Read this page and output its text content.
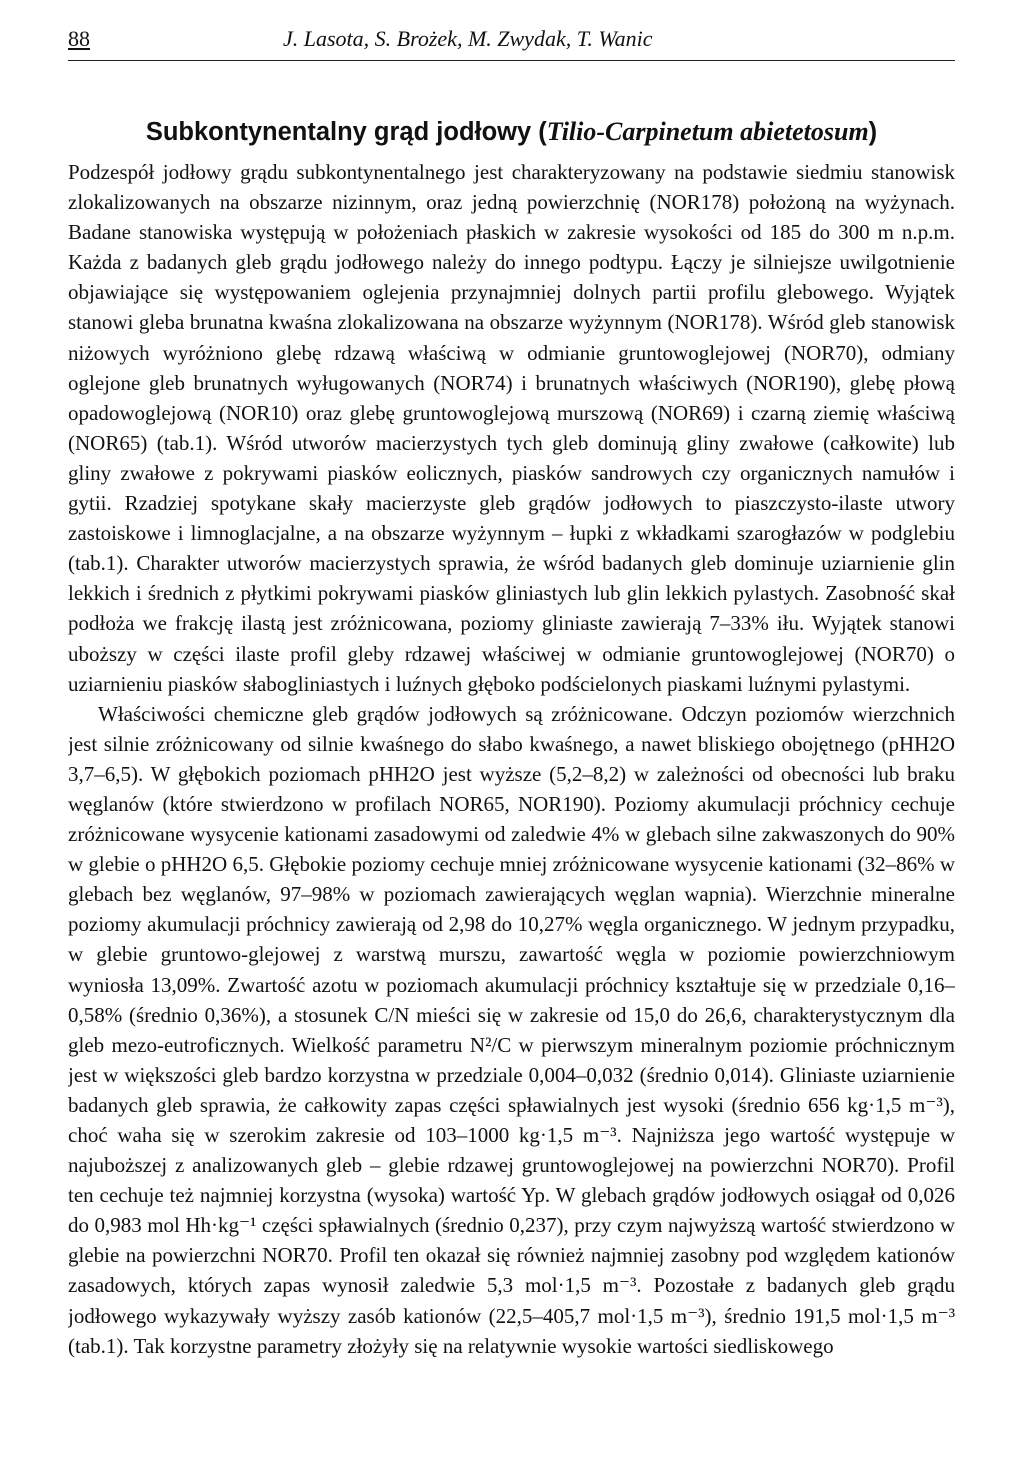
88	J. Lasota, S. Brożek, M. Zwydak, T. Wanic
Subkontynentalny grąd jodłowy (Tilio-Carpinetum abietetosum)

Podzespół jodłowy grądu subkontynentalnego jest charakteryzowany na podstawie siedmiu stanowisk zlokalizowanych na obszarze nizinnym, oraz jedną powierzchnię (NOR178) położoną na wyżynach. Badane stanowiska występują w położeniach płaskich w zakresie wysokości od 185 do 300 m n.p.m. Każda z badanych gleb grądu jodłowego należy do innego podtypu. Łączy je silniejsze uwilgotnienie objawiające się występowaniem oglejenia przynajmniej dolnych partii profilu glebowego. Wyjątek stanowi gleba brunatna kwaśna zlokalizowana na obszarze wyżynnym (NOR178). Wśród gleb stanowisk niżowych wyróżniono glebę rdzawą właściwą w odmianie gruntowoglejowej (NOR70), odmiany oglejone gleb brunatnych wyługowanych (NOR74) i brunatnych właściwych (NOR190), glebę płową opadowoglejową (NOR10) oraz glebę gruntowoglejową murszową (NOR69) i czarną ziemię właściwą (NOR65) (tab.1). Wśród utworów macierzystych tych gleb dominują gliny zwałowe (całkowite) lub gliny zwałowe z pokrywami piasków eolicznych, piasków sandrowych czy organicznych namułów i gytii. Rzadziej spotykane skały macierzyste gleb grądów jodłowych to piaszczysto-ilaste utwory zastoiskowe i limnoglacjalne, a na obszarze wyżynnym – łupki z wkładkami szarogłazów w podglebiu (tab.1). Charakter utworów macierzystych sprawia, że wśród badanych gleb dominuje uziarnienie glin lekkich i średnich z płytkimi pokrywami piasków gliniastych lub glin lekkich pylastych. Zasobność skał podłoża we frakcję ilastą jest zróżnicowana, poziomy gliniaste zawierają 7–33% iłu. Wyjątek stanowi uboższy w części ilaste profil gleby rdzawej właściwej w odmianie gruntowoglejowej (NOR70) o uziarnieniu piasków słabogliniastych i luźnych głęboko podścielonych piaskami luźnymi pylastymi.

Właściwości chemiczne gleb grądów jodłowych są zróżnicowane. Odczyn poziomów wierzchnich jest silnie zróżnicowany od silnie kwaśnego do słabo kwaśnego, a nawet bliskiego obojętnego (pHH2O 3,7–6,5). W głębokich poziomach pHH2O jest wyższe (5,2–8,2) w zależności od obecności lub braku węglanów (które stwierdzono w profilach NOR65, NOR190). Poziomy akumulacji próchnicy cechuje zróżnicowane wysycenie kationami zasadowymi od zaledwie 4% w glebach silne zakwaszonych do 90% w glebie o pHH2O 6,5. Głębokie poziomy cechuje mniej zróżnicowane wysycenie kationami (32–86% w glebach bez węglanów, 97–98% w poziomach zawierających węglan wapnia). Wierzchnie mineralne poziomy akumulacji próchnicy zawierają od 2,98 do 10,27% węgla organicznego. W jednym przypadku, w glebie gruntowo-glejowej z warstwą murszu, zawartość węgla w poziomie powierzchniowym wyniosła 13,09%. Zwartość azotu w poziomach akumulacji próchnicy kształtuje się w przedziale 0,16–0,58% (średnio 0,36%), a stosunek C/N mieści się w zakresie od 15,0 do 26,6, charakterystycznym dla gleb mezo-eutroficznych. Wielkość parametru N²/C w pierwszym mineralnym poziomie próchnicznym jest w większości gleb bardzo korzystna w przedziale 0,004–0,032 (średnio 0,014). Gliniaste uziarnienie badanych gleb sprawia, że całkowity zapas części spławialnych jest wysoki (średnio 656 kg·1,5 m⁻³), choć waha się w szerokim zakresie od 103–1000 kg·1,5 m⁻³. Najniższa jego wartość występuje w najuboższej z analizowanych gleb – glebie rdzawej gruntowoglejowej na powierzchni NOR70). Profil ten cechuje też najmniej korzystna (wysoka) wartość Yp. W glebach grądów jodłowych osiągał od 0,026 do 0,983 mol Hh·kg⁻¹ części spławialnych (średnio 0,237), przy czym najwyższą wartość stwierdzono w glebie na powierzchni NOR70. Profil ten okazał się również najmniej zasobny pod względem kationów zasadowych, których zapas wynosił zaledwie 5,3 mol·1,5 m⁻³. Pozostałe z badanych gleb grądu jodłowego wykazywały wyższy zasób kationów (22,5–405,7 mol·1,5 m⁻³), średnio 191,5 mol·1,5 m⁻³ (tab.1). Tak korzystne parametry złożyły się na relatywnie wysokie wartości siedliskowego
